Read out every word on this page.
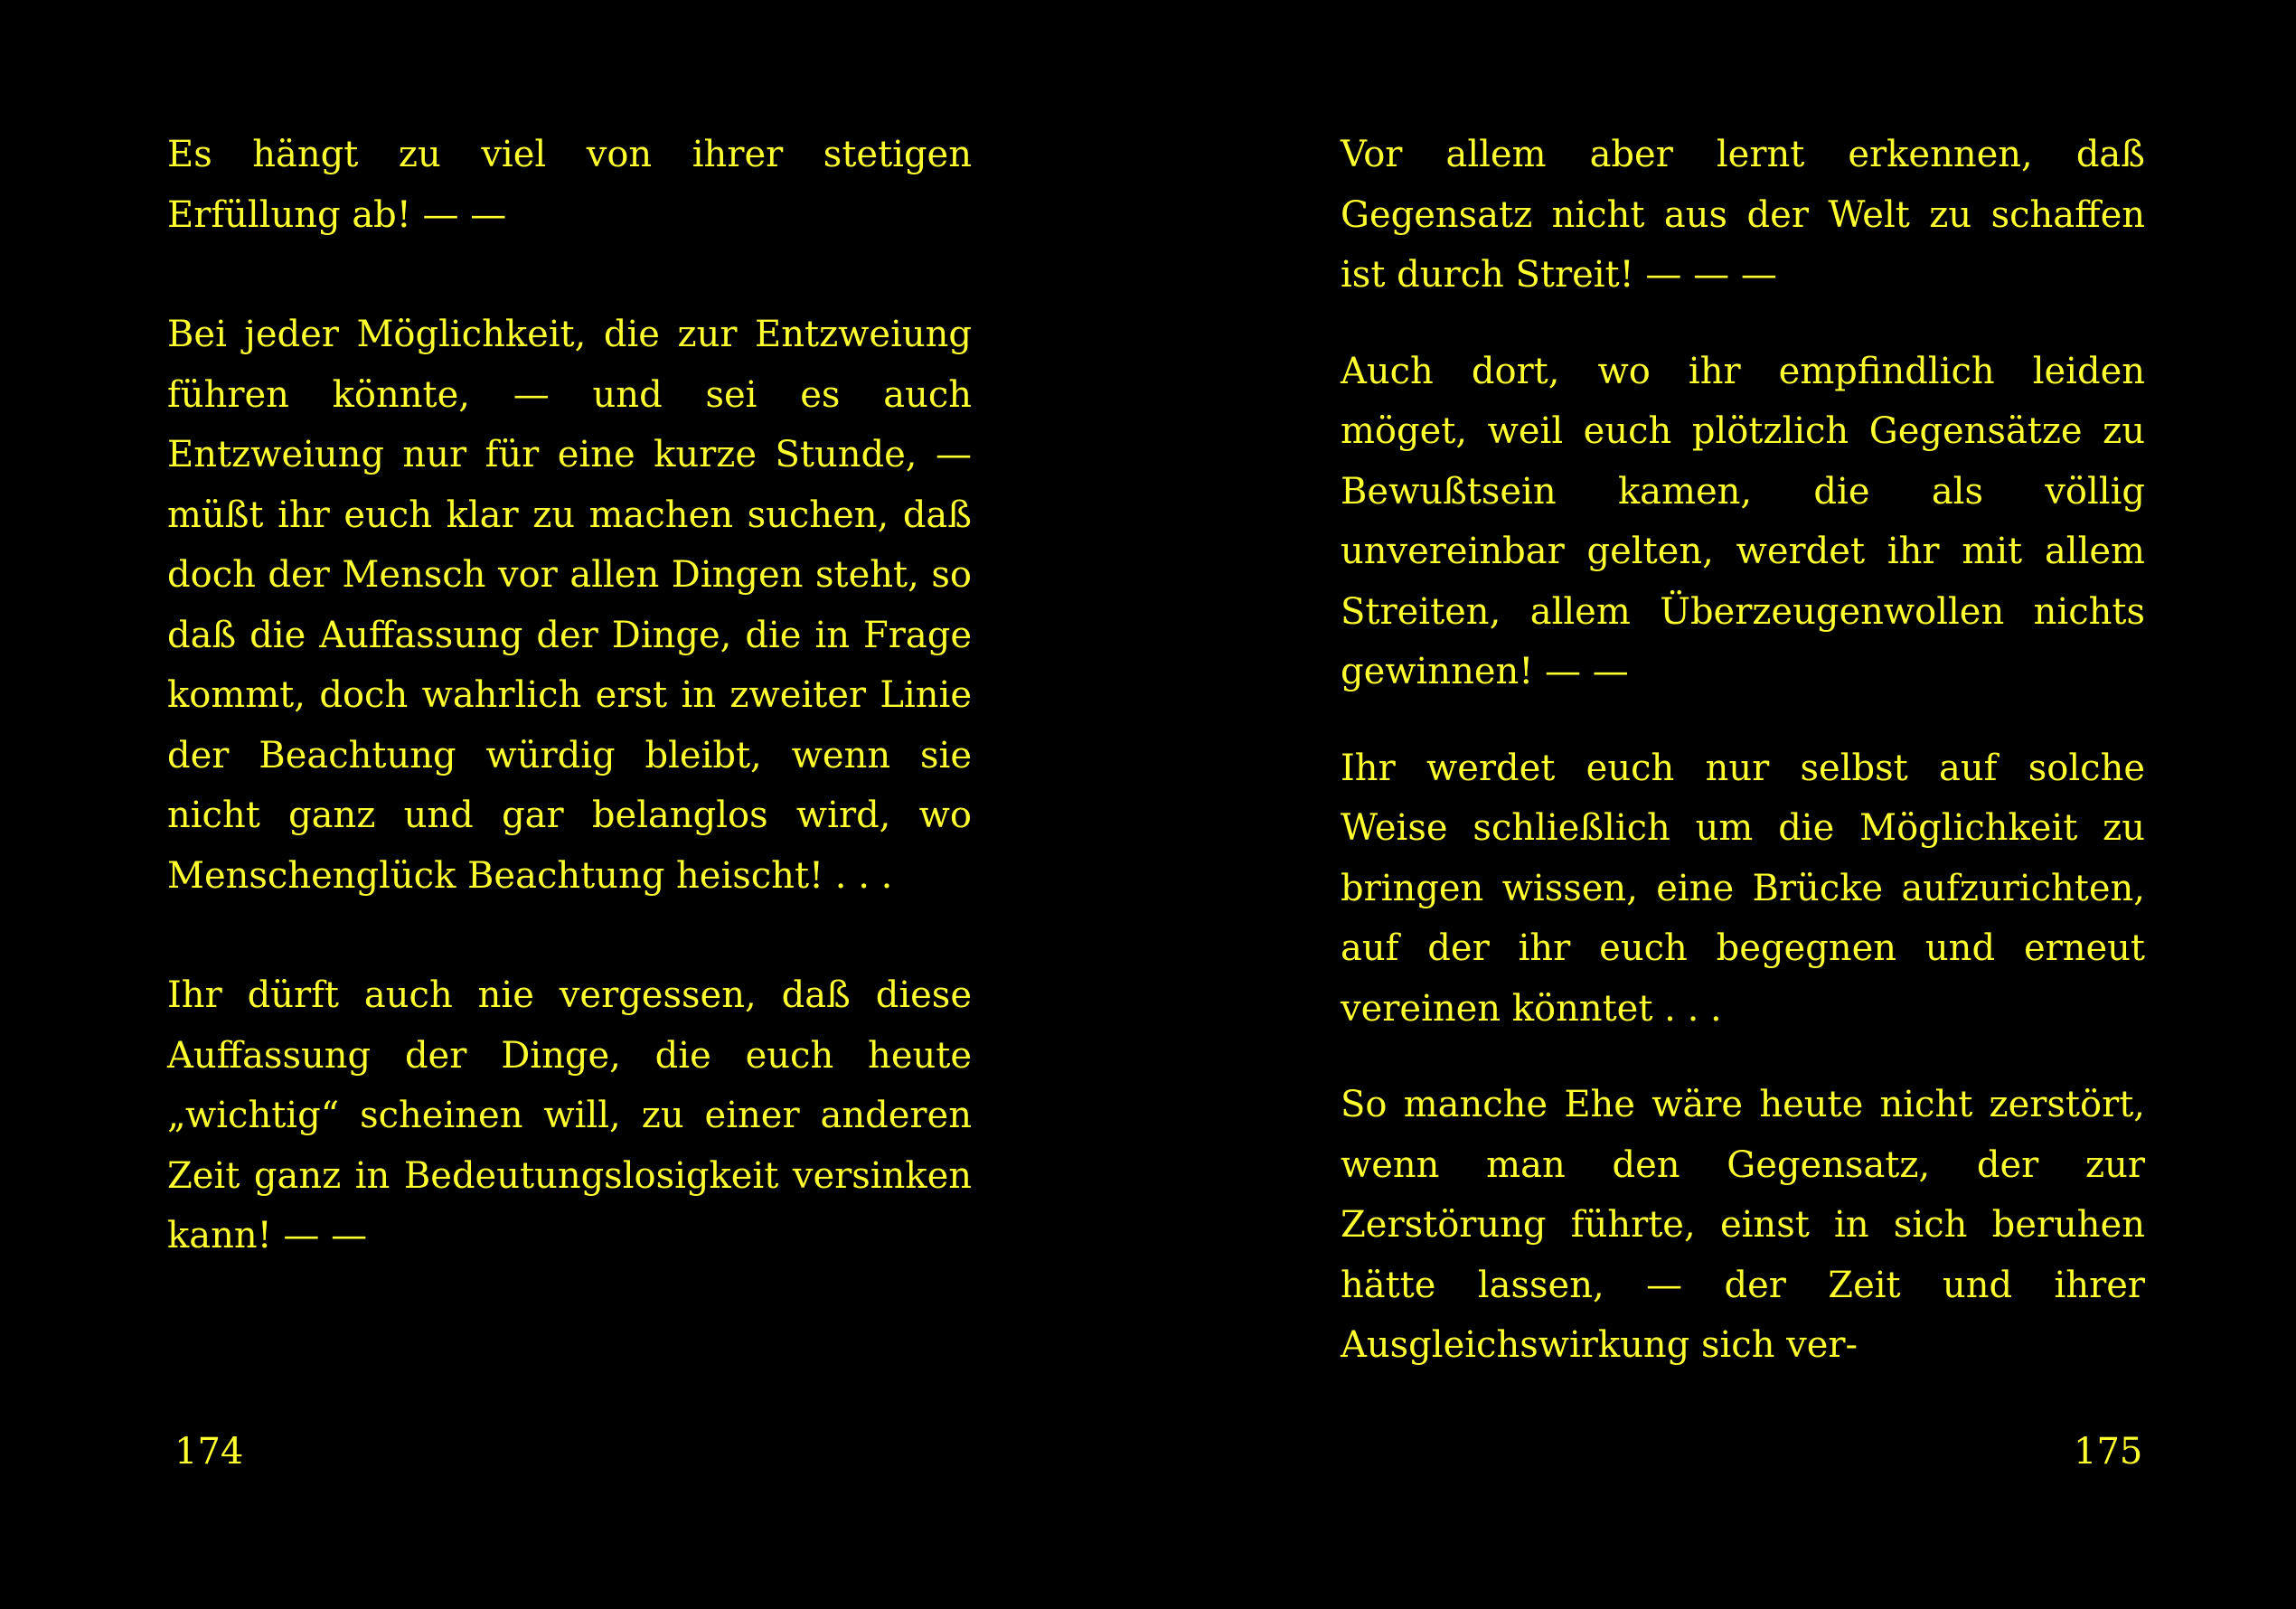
Es hängt zu viel von ihrer stetigen Erfüllung ab! — —

Bei jeder Möglichkeit, die zur Entzweiung führen könnte, — und sei es auch Entzweiung nur für eine kurze Stunde, — müßt ihr euch klar zu machen suchen, daß doch der Mensch vor allen Dingen steht, so daß die Auffassung der Dinge, die in Frage kommt, doch wahrlich erst in zweiter Linie der Beachtung würdig bleibt, wenn sie nicht ganz und gar belanglos wird, wo Menschenglück Beachtung heischt! . . .

Ihr dürft auch nie vergessen, daß diese Auffassung der Dinge, die euch heute „wichtig“ scheinen will, zu einer anderen Zeit ganz in Bedeutungslosigkeit versinken kann! — —

174

Vor allem aber lernt erkennen, daß Gegensatz nicht aus der Welt zu schaffen ist durch Streit! — — —

Auch dort, wo ihr empfindlich leiden möget, weil euch plötzlich Gegensätze zu Bewußtsein kamen, die als völlig unvereinbar gelten, werdet ihr mit allem Streiten, allem Überzeugenwollen nichts gewinnen! — —

Ihr werdet euch nur selbst auf solche Weise schließlich um die Möglichkeit zu bringen wissen, eine Brücke aufzurichten, auf der ihr euch begegnen und erneut vereinen könntet . . .

So manche Ehe wäre heute nicht zerstört, wenn man den Gegensatz, der zur Zerstörung führte, einst in sich beruhen hätte lassen, — der Zeit und ihrer Ausgleichswirkung sich ver-

175
